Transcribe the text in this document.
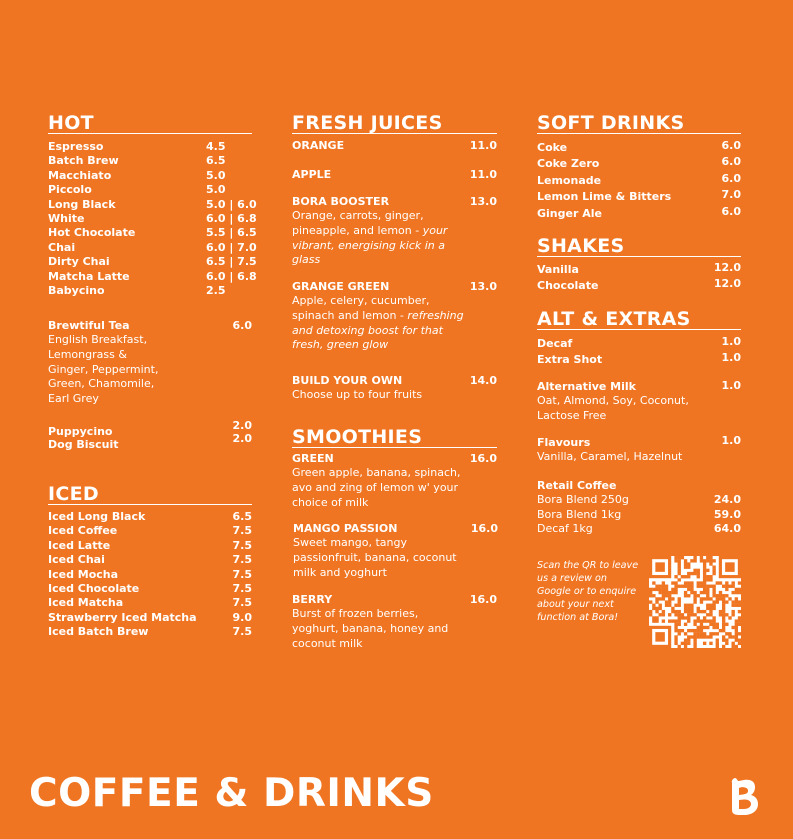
HOT
Espresso	4.5
Batch Brew	6.5
Macchiato	5.0
Piccolo	5.0
Long Black	5.0 | 6.0
White	6.0 | 6.8
Hot Chocolate	5.5 | 6.5
Chai	6.0 | 7.0
Dirty Chai	6.5 | 7.5
Matcha Latte	6.0 | 6.8
Babycino	2.5
Brewtiful Tea	6.0
English Breakfast, Lemongrass & Ginger, Peppermint, Green, Chamomile, Earl Grey
Puppycino	2.0
Dog Biscuit	2.0
ICED
Iced Long Black	6.5
Iced Coffee	7.5
Iced Latte	7.5
Iced Chai	7.5
Iced Mocha	7.5
Iced Chocolate	7.5
Iced Matcha	7.5
Strawberry Iced Matcha	9.0
Iced Batch Brew	7.5
FRESH JUICES
ORANGE	11.0
APPLE	11.0
BORA BOOSTER	13.0
Orange, carrots, ginger, pineapple, and lemon - your vibrant, energising kick in a glass
GRANGE GREEN	13.0
Apple, celery, cucumber, spinach and lemon - refreshing and detoxing boost for that fresh, green glow
BUILD YOUR OWN	14.0
Choose up to four fruits
SMOOTHIES
GREEN	16.0
Green apple, banana, spinach, avo and zing of lemon w' your choice of milk
MANGO PASSION	16.0
Sweet mango, tangy passionfruit, banana, coconut milk and yoghurt
BERRY	16.0
Burst of frozen berries, yoghurt, banana, honey and coconut milk
SOFT DRINKS
Coke	6.0
Coke Zero	6.0
Lemonade	6.0
Lemon Lime & Bitters	7.0
Ginger Ale	6.0
SHAKES
Vanilla	12.0
Chocolate	12.0
ALT & EXTRAS
Decaf	1.0
Extra Shot	1.0
Alternative Milk	1.0
Oat, Almond, Soy, Coconut, Lactose Free
Flavours	1.0
Vanilla, Caramel, Hazelnut
Retail Coffee
Bora Blend 250g	24.0
Bora Blend 1kg	59.0
Decaf 1kg	64.0
Scan the QR to leave us a review on Google or to enquire about your next function at Bora!
COFFEE & DRINKS
